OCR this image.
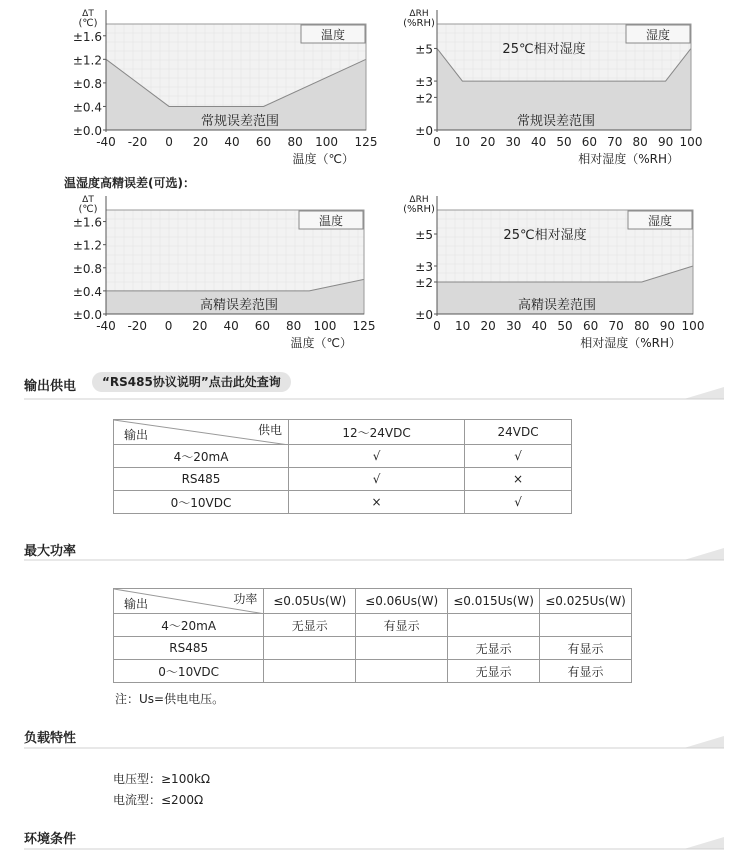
温度
ΔT
(℃)
±0.0
±0.4
±0.8
±1.2
±1.6
-40 -20 0 20 40 60 80 100 125
温度（℃）
常规误差范围
湿度
ΔRH
(%RH)
±0
±2
±3
±5
0 10 20 30 40 50 60 70 80 90 100
相对湿度（%RH）
常规误差范围
25℃相对湿度
温湿度高精误差(可选)：
温度
ΔT
(℃)
±0.0
±0.4
±0.8
±1.2
±1.6
-40 -20 0 20 40 60 80 100 125
温度（℃）
高精误差范围
湿度
ΔRH
(%RH)
±0
±2
±3
±5
0 10 20 30 40 50 60 70 80 90 100
相对湿度（%RH）
高精误差范围
25℃相对湿度
输出供电	“RS485协议说明”点击此处查询
供电
输出	12～24VDC	24VDC
4～20mA	√	√
RS485	√	×
0～10VDC	×	√
最大功率
功率
输出	≤0.05Us(W)	≤0.06Us(W)	≤0.015Us(W)	≤0.025Us(W)
4～20mA	无显示	有显示		
RS485			无显示	有显示
0～10VDC			无显示	有显示
注：Us=供电电压。
负载特性
电压型：≥100kΩ
电流型：≤200Ω
环境条件
